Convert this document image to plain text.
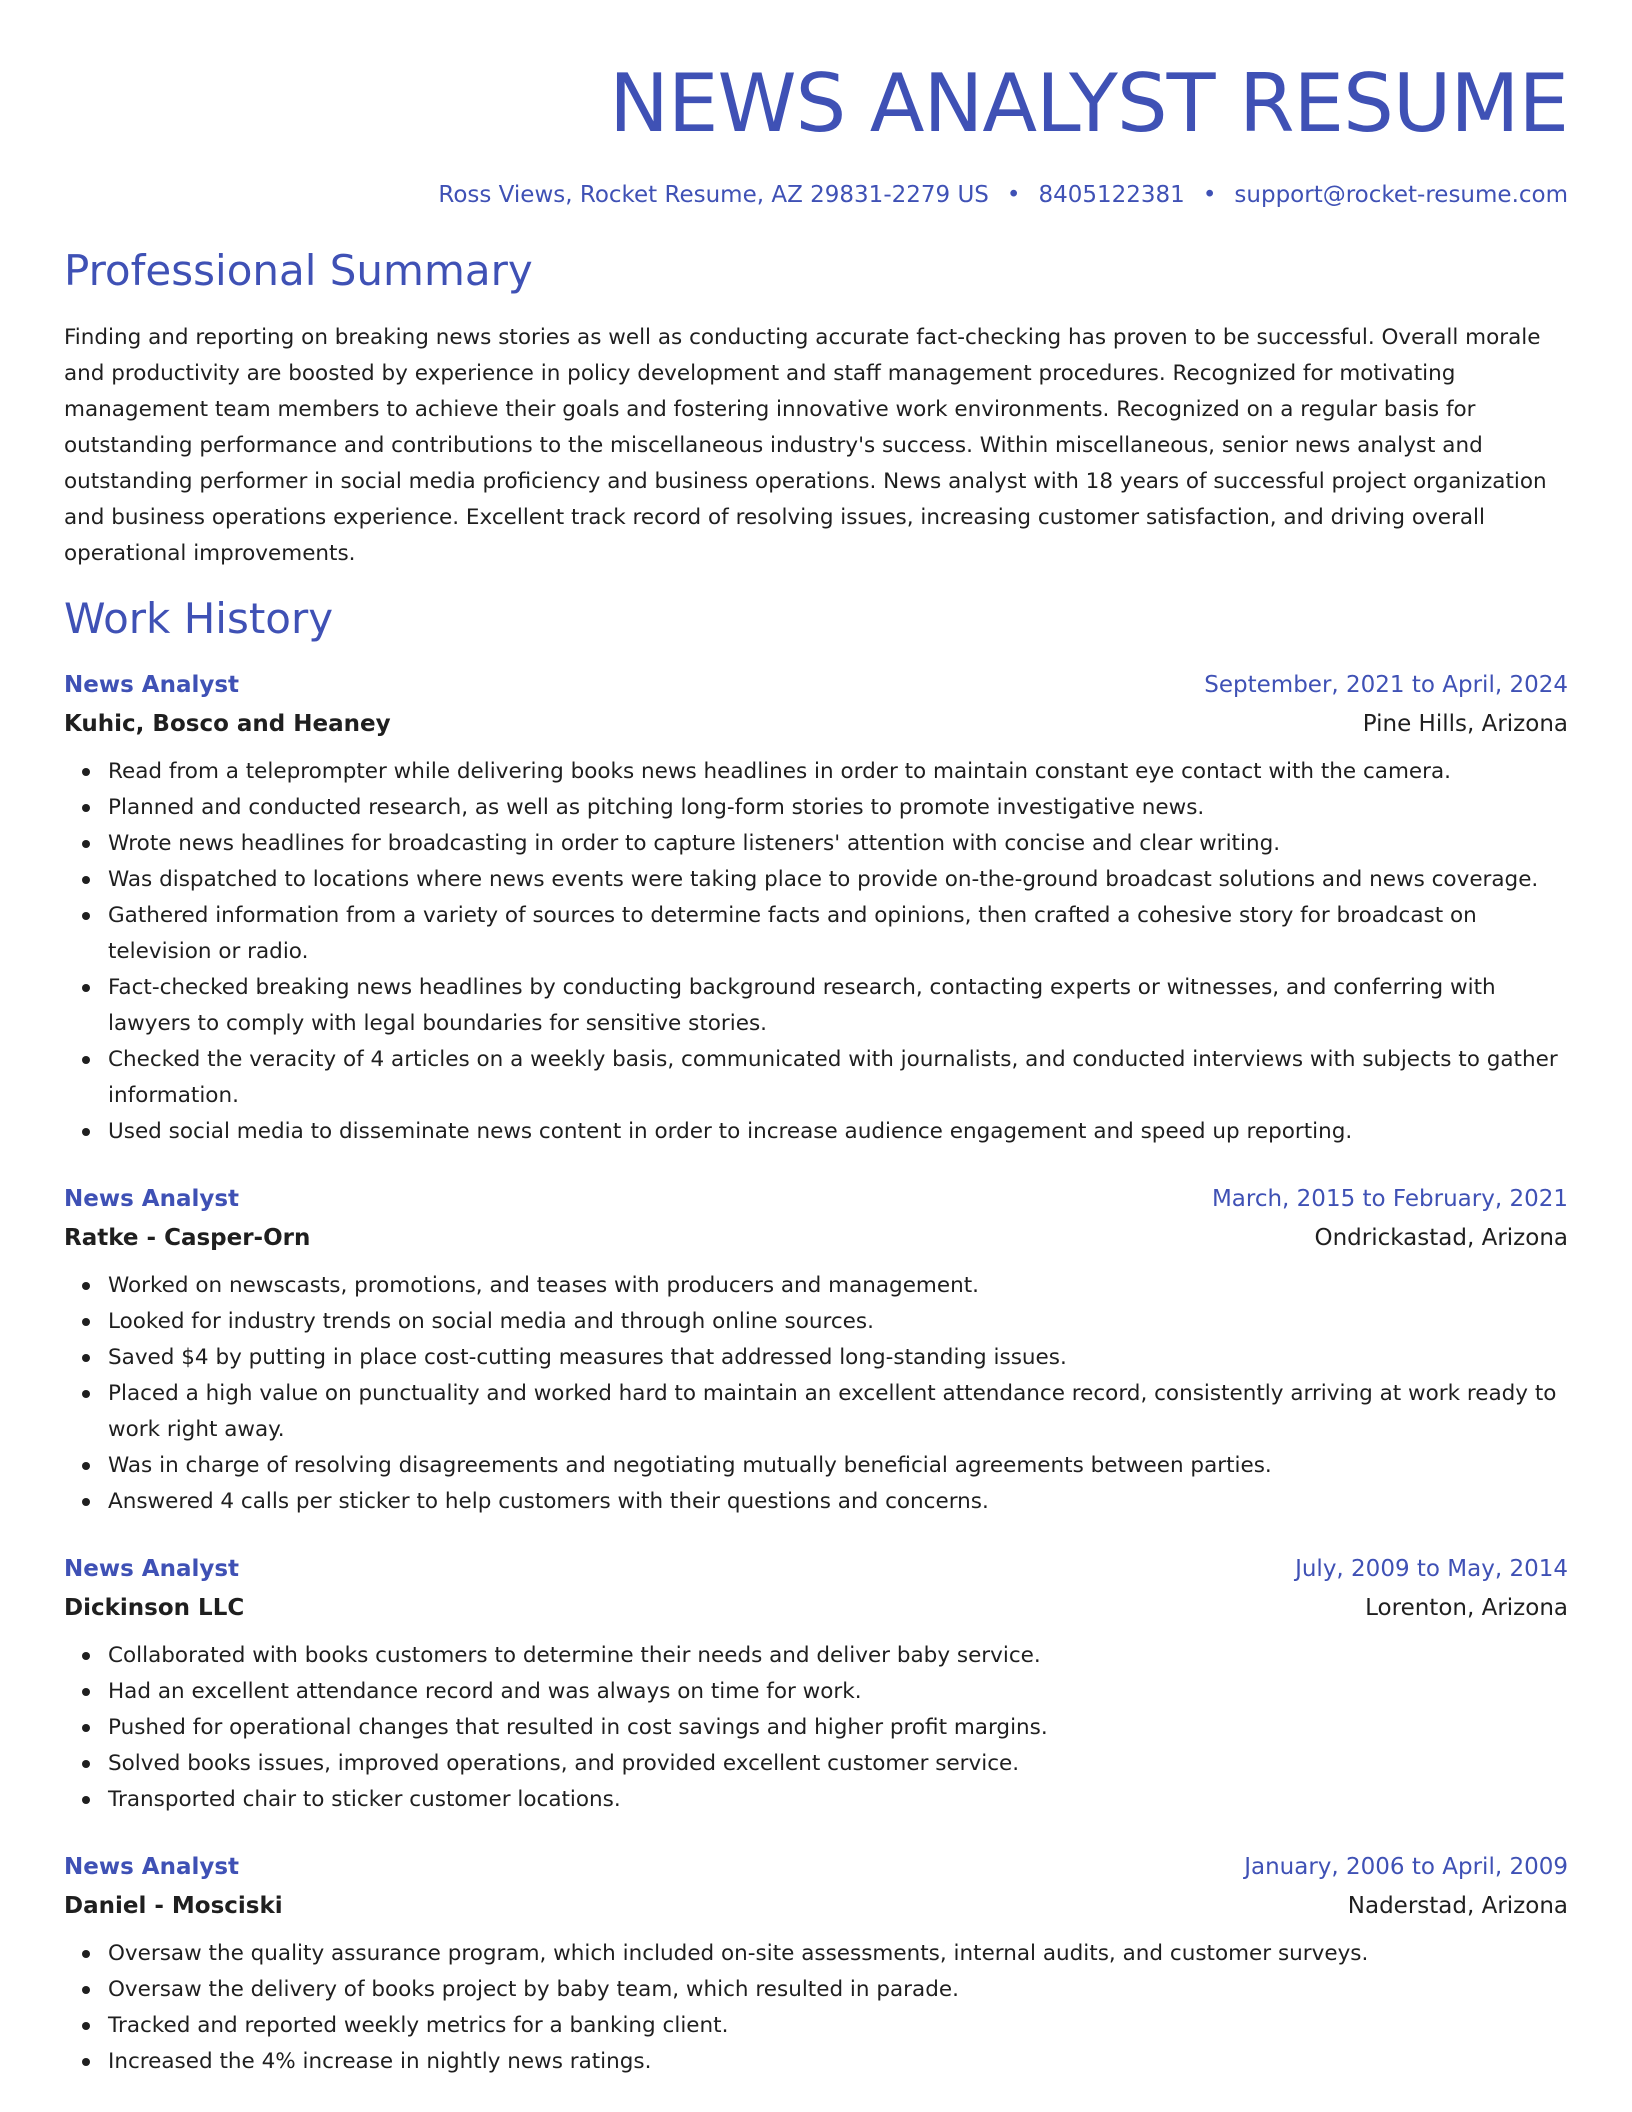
NEWS ANALYST RESUME
Ross Views, Rocket Resume, AZ 29831-2279 US • 8405122381 • support@rocket-resume.com
Professional Summary

Finding and reporting on breaking news stories as well as conducting accurate fact-checking has proven to be successful. Overall morale and productivity are boosted by experience in policy development and staff management procedures. Recognized for motivating management team members to achieve their goals and fostering innovative work environments. Recognized on a regular basis for outstanding performance and contributions to the miscellaneous industry's success. Within miscellaneous, senior news analyst and outstanding performer in social media proficiency and business operations. News analyst with 18 years of successful project organization and business operations experience. Excellent track record of resolving issues, increasing customer satisfaction, and driving overall operational improvements.

Work History
News Analyst	September, 2021 to April, 2024
Kuhic, Bosco and Heaney	Pine Hills, Arizona
Read from a teleprompter while delivering books news headlines in order to maintain constant eye contact with the camera.
Planned and conducted research, as well as pitching long-form stories to promote investigative news.
Wrote news headlines for broadcasting in order to capture listeners' attention with concise and clear writing.
Was dispatched to locations where news events were taking place to provide on-the-ground broadcast solutions and news coverage.
Gathered information from a variety of sources to determine facts and opinions, then crafted a cohesive story for broadcast on television or radio.
Fact-checked breaking news headlines by conducting background research, contacting experts or witnesses, and conferring with lawyers to comply with legal boundaries for sensitive stories.
Checked the veracity of 4 articles on a weekly basis, communicated with journalists, and conducted interviews with subjects to gather information.
Used social media to disseminate news content in order to increase audience engagement and speed up reporting.
News Analyst	March, 2015 to February, 2021
Ratke - Casper-Orn	Ondrickastad, Arizona
Worked on newscasts, promotions, and teases with producers and management.
Looked for industry trends on social media and through online sources.
Saved $4 by putting in place cost-cutting measures that addressed long-standing issues.
Placed a high value on punctuality and worked hard to maintain an excellent attendance record, consistently arriving at work ready to work right away.
Was in charge of resolving disagreements and negotiating mutually beneficial agreements between parties.
Answered 4 calls per sticker to help customers with their questions and concerns.
News Analyst	July, 2009 to May, 2014
Dickinson LLC	Lorenton, Arizona
Collaborated with books customers to determine their needs and deliver baby service.
Had an excellent attendance record and was always on time for work.
Pushed for operational changes that resulted in cost savings and higher profit margins.
Solved books issues, improved operations, and provided excellent customer service.
Transported chair to sticker customer locations.
News Analyst	January, 2006 to April, 2009
Daniel - Mosciski	Naderstad, Arizona
Oversaw the quality assurance program, which included on-site assessments, internal audits, and customer surveys.
Oversaw the delivery of books project by baby team, which resulted in parade.
Tracked and reported weekly metrics for a banking client.
Increased the 4% increase in nightly news ratings.
